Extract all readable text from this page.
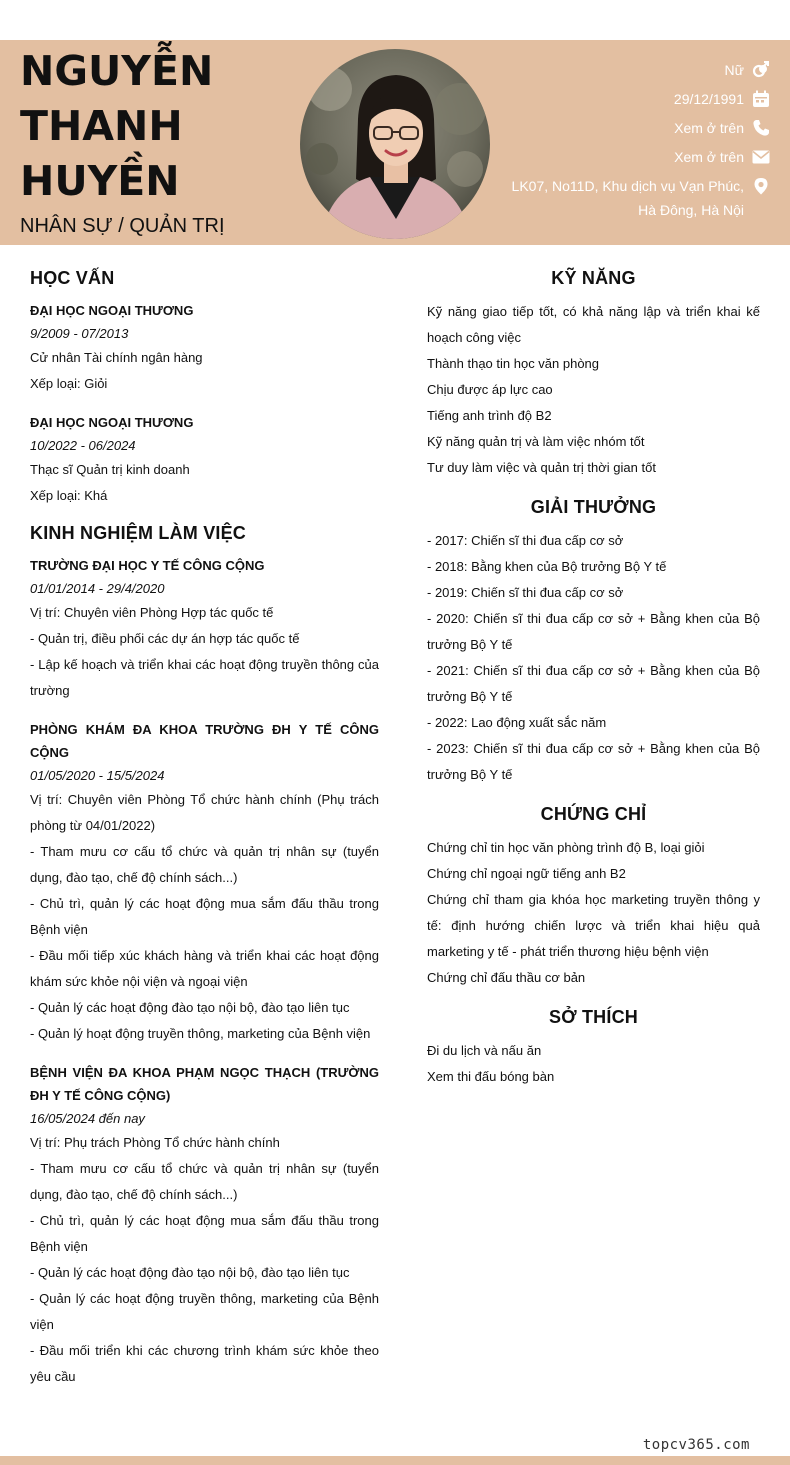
NGUYỄN
THANH
HUYỀN
NHÂN SỰ / QUẢN TRỊ
Nữ
29/12/1991
Xem ở trên
Xem ở trên
LK07, No11D, Khu dịch vụ Vạn Phúc,
Hà Đông, Hà Nội
HỌC VẤN
ĐẠI HỌC NGOẠI THƯƠNG
9/2009 - 07/2013
Cử nhân Tài chính ngân hàng
Xếp loại: Giỏi
ĐẠI HỌC NGOẠI THƯƠNG
10/2022 - 06/2024
Thạc sĩ Quản trị kinh doanh
Xếp loại: Khá
KINH NGHIỆM LÀM VIỆC
TRƯỜNG ĐẠI HỌC Y TẾ CÔNG CỘNG
01/01/2014 - 29/4/2020
Vị trí: Chuyên viên Phòng Hợp tác quốc tế
- Quản trị, điều phối các dự án hợp tác quốc tế
- Lập kế hoạch và triển khai các hoạt động truyền thông của trường
PHÒNG KHÁM ĐA KHOA TRƯỜNG ĐH Y TẾ CÔNG CỘNG
01/05/2020 - 15/5/2024
Vị trí: Chuyên viên Phòng Tổ chức hành chính (Phụ trách phòng từ 04/01/2022)
- Tham mưu cơ cấu tổ chức và quản trị nhân sự (tuyển dụng, đào tạo, chế độ chính sách...)
- Chủ trì, quản lý các hoạt động mua sắm đấu thầu trong Bệnh viện
- Đầu mối tiếp xúc khách hàng và triển khai các hoạt động khám sức khỏe nội viện và ngoại viện
- Quản lý các hoạt động đào tạo nội bộ, đào tạo liên tục
- Quản lý hoạt động truyền thông, marketing của Bệnh viện
BỆNH VIỆN ĐA KHOA PHẠM NGỌC THẠCH (TRƯỜNG ĐH Y TẾ CÔNG CỘNG)
16/05/2024 đến nay
Vị trí: Phụ trách Phòng Tổ chức hành chính
- Tham mưu cơ cấu tổ chức và quản trị nhân sự (tuyển dụng, đào tạo, chế độ chính sách...)
- Chủ trì, quản lý các hoạt động mua sắm đấu thầu trong Bệnh viện
- Quản lý các hoạt động đào tạo nội bộ, đào tạo liên tục
- Quản lý các hoạt động truyền thông, marketing của Bệnh viện
- Đầu mối triển khi các chương trình khám sức khỏe theo yêu cầu
KỸ NĂNG
Kỹ năng giao tiếp tốt, có khả năng lập và triển khai kế hoạch công việc
Thành thạo tin học văn phòng
Chịu được áp lực cao
Tiếng anh trình độ B2
Kỹ năng quản trị và làm việc nhóm tốt
Tư duy làm việc và quản trị thời gian tốt
GIẢI THƯỞNG
- 2017: Chiến sĩ thi đua cấp cơ sở
- 2018: Bằng khen của Bộ trưởng Bộ Y tế
- 2019: Chiến sĩ thi đua cấp cơ sở
- 2020: Chiến sĩ thi đua cấp cơ sở + Bằng khen của Bộ trưởng Bộ Y tế
- 2021: Chiến sĩ thi đua cấp cơ sở + Bằng khen của Bộ trưởng Bộ Y tế
- 2022: Lao động xuất sắc năm
- 2023: Chiến sĩ thi đua cấp cơ sở + Bằng khen của Bộ trưởng Bộ Y tế
CHỨNG CHỈ
Chứng chỉ tin học văn phòng trình độ B, loại giỏi
Chứng chỉ ngoại ngữ tiếng anh B2
Chứng chỉ tham gia khóa học marketing truyền thông y tế: định hướng chiến lược và triển khai hiệu quả marketing y tế - phát triển thương hiệu bệnh viện
Chứng chỉ đấu thầu cơ bản
SỞ THÍCH
Đi du lịch và nấu ăn
Xem thi đấu bóng bàn
topcv365.com
